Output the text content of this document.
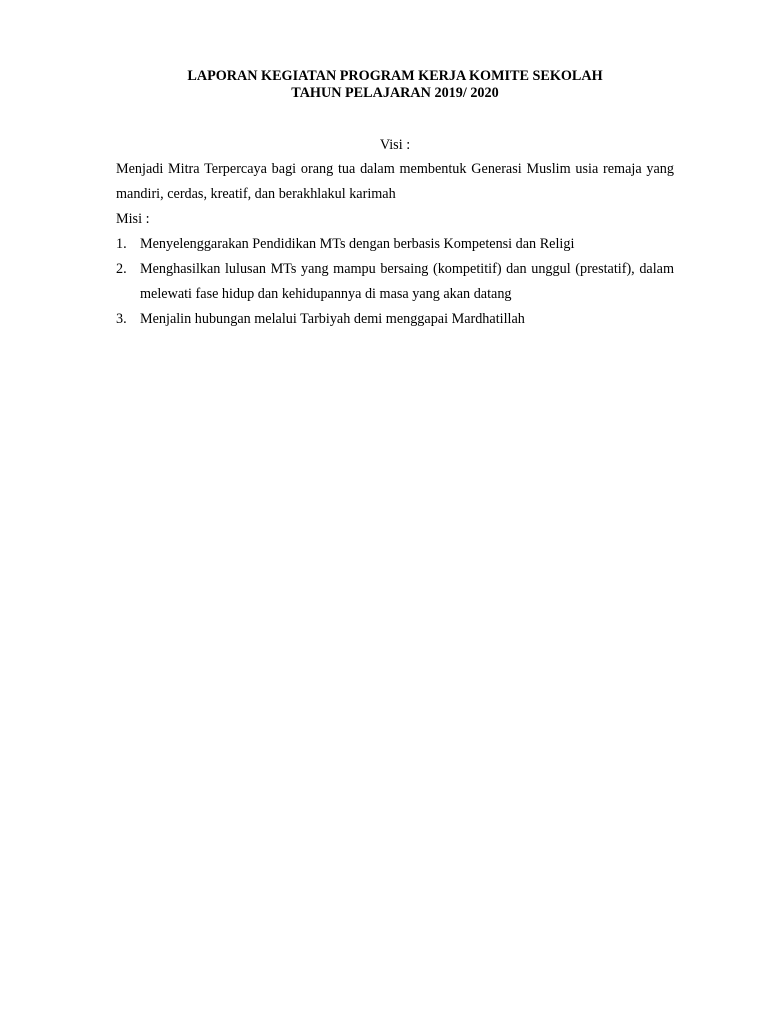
LAPORAN KEGIATAN PROGRAM KERJA KOMITE SEKOLAH

TAHUN PELAJARAN 2019/ 2020

Visi :

Menjadi Mitra Terpercaya bagi orang tua dalam membentuk Generasi Muslim usia remaja yang mandiri, cerdas, kreatif, dan berakhlakul karimah

Misi :

1. Menyelenggarakan Pendidikan MTs dengan berbasis Kompetensi dan Religi
2. Menghasilkan lulusan MTs yang mampu bersaing (kompetitif) dan unggul (prestatif), dalam melewati fase hidup dan kehidupannya di masa yang akan datang
3. Menjalin hubungan melalui Tarbiyah demi menggapai Mardhatillah
